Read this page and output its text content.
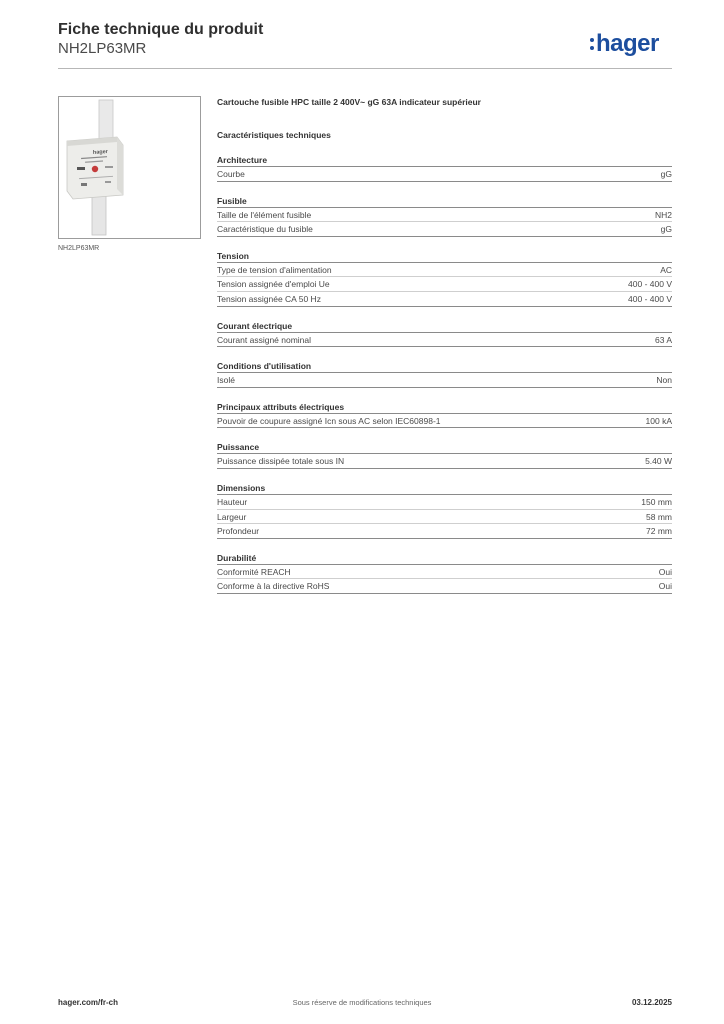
Fiche technique du produit
NH2LP63MR	hager
hager
NH2LP63MR
Cartouche fusible HPC taille 2 400V~ gG 63A indicateur supérieur
Caractéristiques techniques
Architecture
Courbe	gG
Fusible
Taille de l'élément fusible	NH2
Caractéristique du fusible	gG
Tension
Type de tension d'alimentation	AC
Tension assignée d'emploi Ue	400 - 400 V
Tension assignée CA 50 Hz	400 - 400 V
Courant électrique
Courant assigné nominal	63 A
Conditions d'utilisation
Isolé	Non
Principaux attributs électriques
Pouvoir de coupure assigné Icn sous AC selon IEC60898-1	100 kA
Puissance
Puissance dissipée totale sous IN	5.40 W
Dimensions
Hauteur	150 mm
Largeur	58 mm
Profondeur	72 mm
Durabilité
Conformité REACH	Oui
Conforme à la directive RoHS	Oui
hager.com/fr-ch	Sous réserve de modifications techniques	03.12.2025
